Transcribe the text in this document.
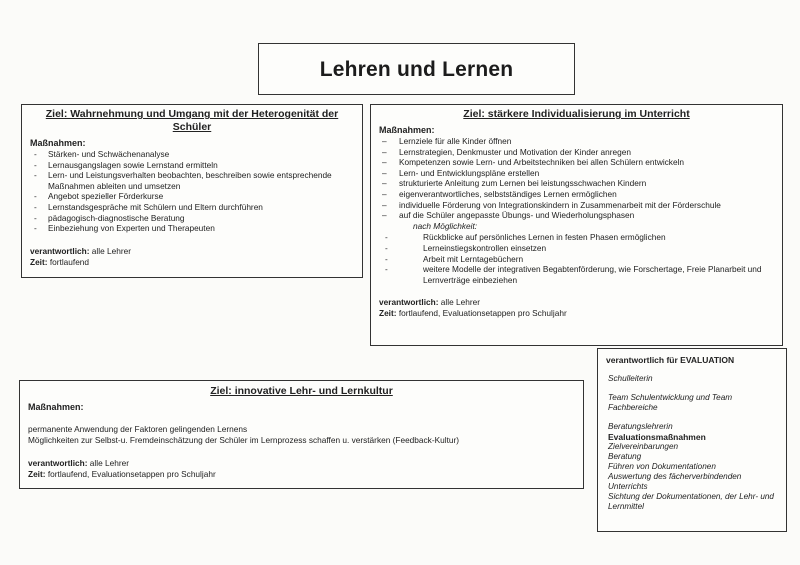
Lehren und Lernen
Ziel: Wahrnehmung und Umgang mit der Heterogenität der Schüler
Maßnahmen:
- Stärken- und Schwächenanalyse
- Lernausgangslagen sowie Lernstand ermitteln
- Lern- und Leistungsverhalten beobachten, beschreiben sowie entsprechende Maßnahmen ableiten und umsetzen
- Angebot spezieller Förderkurse
- Lernstandsgespräche mit Schülern und Eltern durchführen
- pädagogisch-diagnostische Beratung
- Einbeziehung von Experten und Therapeuten
verantwortlich: alle Lehrer
Zeit: fortlaufend
Ziel: stärkere Individualisierung im Unterricht
Maßnahmen:
– Lernziele für alle Kinder öffnen
– Lernstrategien, Denkmuster und Motivation der Kinder anregen
– Kompetenzen sowie Lern- und Arbeitstechniken bei allen Schülern entwickeln
– Lern- und Entwicklungspläne erstellen
– strukturierte Anleitung zum Lernen bei leistungsschwachen Kindern
– eigenverantwortliches, selbstständiges Lernen ermöglichen
– individuelle Förderung von Integrationskindern in Zusammenarbeit mit der Förderschule
– auf die Schüler angepasste Übungs- und Wiederholungsphasen
nach Möglichkeit:
- Rückblicke auf persönliches Lernen in festen Phasen ermöglichen
- Lerneinstiegskontrollen einsetzen
- Arbeit mit Lerntagebüchern
- weitere Modelle der integrativen Begabtenförderung, wie Forschertage, Freie Planarbeit und Lernverträge einbeziehen
verantwortlich: alle Lehrer
Zeit: fortlaufend, Evaluationsetappen pro Schuljahr
Ziel: innovative Lehr- und Lernkultur
Maßnahmen:
permanente Anwendung der Faktoren gelingenden Lernens
Möglichkeiten zur Selbst-u. Fremdeinschätzung der Schüler im Lernprozess schaffen u. verstärken (Feedback-Kultur)
verantwortlich: alle Lehrer
Zeit: fortlaufend, Evaluationsetappen pro Schuljahr
verantwortlich für EVALUATION
Schulleiterin
Team Schulentwicklung und Team Fachbereiche
Beratungslehrerin
Evaluationsmaßnahmen
Zielvereinbarungen
Beratung
Führen von Dokumentationen
Auswertung des fächerverbindenden Unterrichts
Sichtung der Dokumentationen, der Lehr- und Lernmittel
